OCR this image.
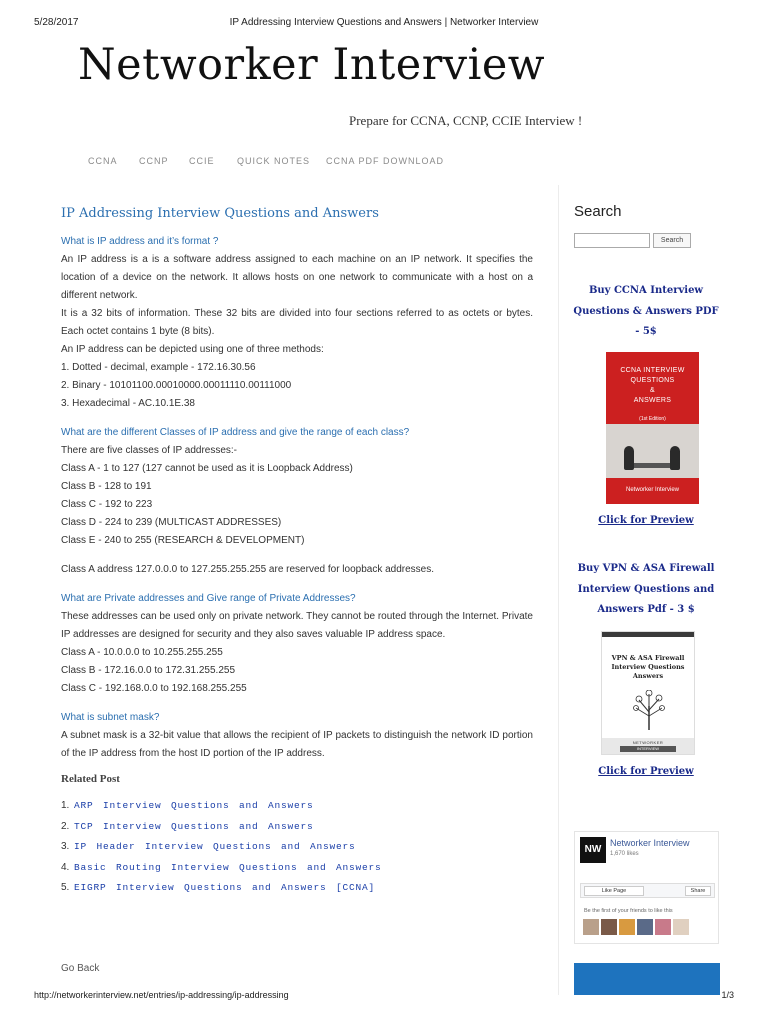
5/28/2017	IP Addressing Interview Questions and Answers | Networker Interview
Networker Interview
Prepare for CCNA, CCNP, CCIE Interview !
CCNA CCNP CCIE QUICK NOTES CCNA PDF DOWNLOAD
IP Addressing Interview Questions and Answers
What is IP address and it’s format ?
An IP address is a is a software address assigned to each machine on an IP network. It specifies the location of a device on the network. It allows hosts on one network to communicate with a host on a different network.
It is a 32 bits of information. These 32 bits are divided into four sections referred to as octets or bytes. Each octet contains 1 byte (8 bits).
An IP address can be depicted using one of three methods:
1. Dotted - decimal, example - 172.16.30.56
2. Binary - 10101100.00010000.00011110.00111000
3. Hexadecimal - AC.10.1E.38
What are the different Classes of IP address and give the range of each class?
There are five classes of IP addresses:-
Class A - 1 to 127 (127 cannot be used as it is Loopback Address)
Class B - 128 to 191
Class C - 192 to 223
Class D - 224 to 239 (MULTICAST ADDRESSES)
Class E - 240 to 255 (RESEARCH & DEVELOPMENT)
Class A address 127.0.0.0 to 127.255.255.255 are reserved for loopback addresses.
What are Private addresses and Give range of Private Addresses?
These addresses can be used only on private network. They cannot be routed through the Internet. Private IP addresses are designed for security and they also saves valuable IP address space.
Class A - 10.0.0.0 to 10.255.255.255
Class B - 172.16.0.0 to 172.31.255.255
Class C - 192.168.0.0 to 192.168.255.255
What is subnet mask?
A subnet mask is a 32-bit value that allows the recipient of IP packets to distinguish the network ID portion of the IP address from the host ID portion of the IP address.
Related Post
1. ARP Interview Questions and Answers
2. TCP Interview Questions and Answers
3. IP Header Interview Questions and Answers
4. Basic Routing Interview Questions and Answers
5. EIGRP Interview Questions and Answers [CCNA]
Go Back
Search
Search
Buy CCNA Interview
Questions & Answers PDF
- 5$
CCNA INTERVIEW
QUESTIONS
&
ANSWERS
(1st Edition)
Networker Interview
Click for Preview
Buy VPN & ASA Firewall
Interview Questions and
Answers Pdf - 3 $
VPN & ASA Firewall
Interview Questions
Answers
NETWORKER
INTERVIEW
Click for Preview
NW
Networker Interview
1,670 likes
Like Page	Share
Be the first of your friends to like this
http://networkerinterview.net/entries/ip-addressing/ip-addressing	1/3
